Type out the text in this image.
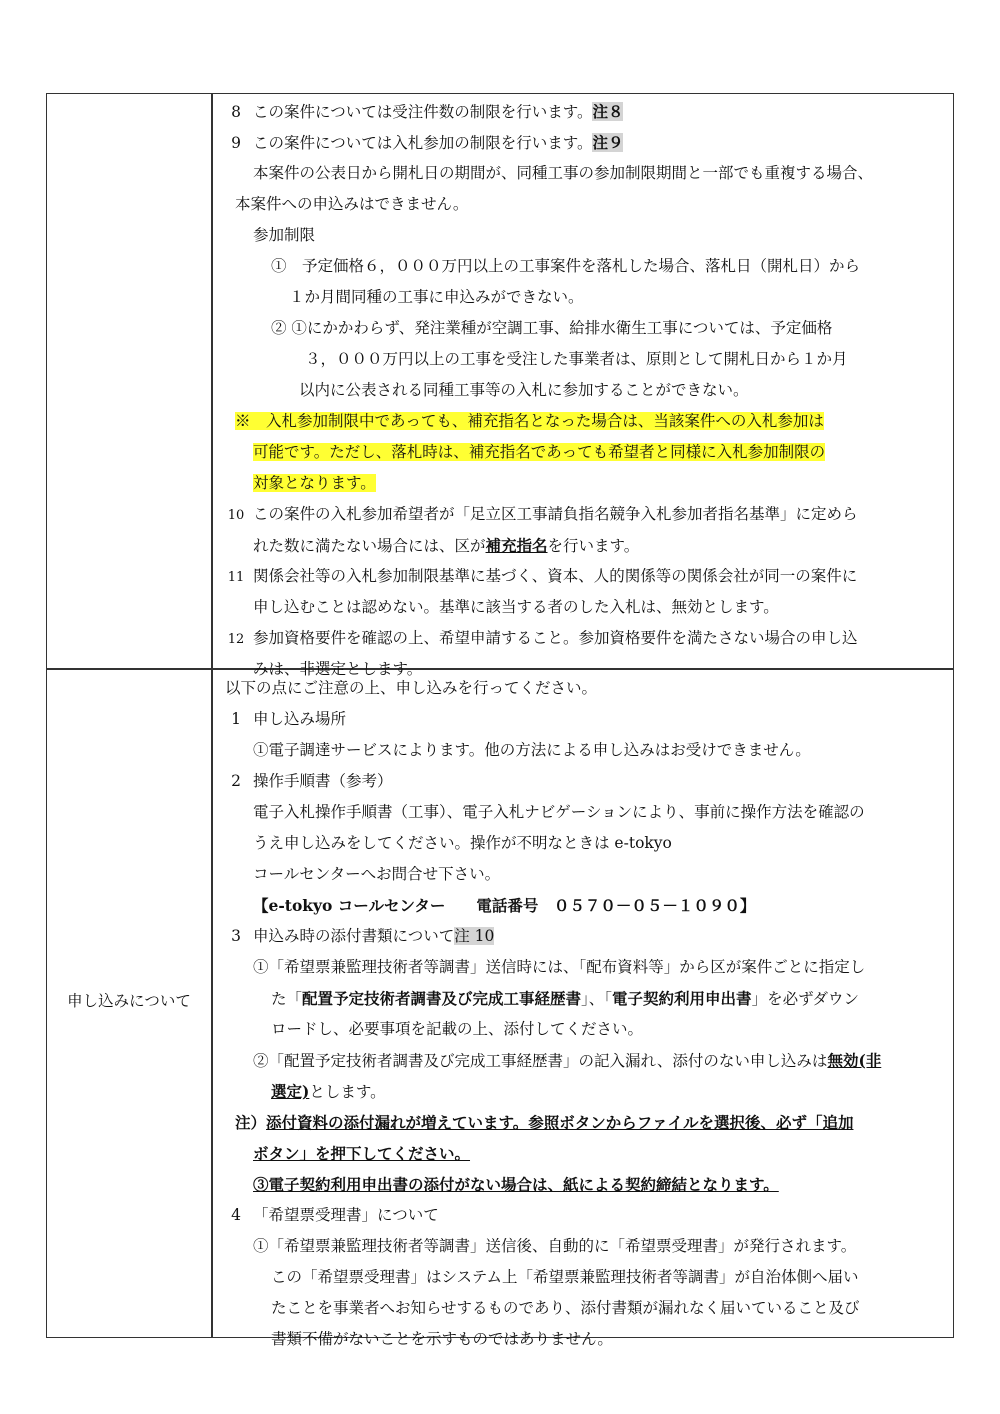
8 この案件については受注件数の制限を行います。注８
9 この案件については入札参加の制限を行います。注９
本案件の公表日から開札日の期間が、同種工事の参加制限期間と一部でも重複する場合、
本案件への申込みはできません。
参加制限
①　予定価格６，０００万円以上の工事案件を落札した場合、落札日（開札日）から
１か月間同種の工事に申込みができない。
② ①にかかわらず、発注業種が空調工事、給排水衛生工事については、予定価格
３，０００万円以上の工事を受注した事業者は、原則として開札日から１か月
以内に公表される同種工事等の入札に参加することができない。
※　入札参加制限中であっても、補充指名となった場合は、当該案件への入札参加は
可能です。ただし、落札時は、補充指名であっても希望者と同様に入札参加制限の
対象となります。
10 この案件の入札参加希望者が「足立区工事請負指名競争入札参加者指名基準」に定めら
れた数に満たない場合には、区が補充指名を行います。
11 関係会社等の入札参加制限基準に基づく、資本、人的関係等の関係会社が同一の案件に
申し込むことは認めない。基準に該当する者のした入札は、無効とします。
12 参加資格要件を確認の上、希望申請すること。参加資格要件を満たさない場合の申し込
みは、非選定とします。
申し込みについて
以下の点にご注意の上、申し込みを行ってください。
1 申し込み場所
①電子調達サービスによります。他の方法による申し込みはお受けできません。
2 操作手順書（参考）
電子入札操作手順書（工事）、電子入札ナビゲーションにより、事前に操作方法を確認の
うえ申し込みをしてください。操作が不明なときは e-tokyo
コールセンターへお問合せ下さい。
【e-tokyo コールセンター　　電話番号　０５７０－０５－１０９０】
3 申込み時の添付書類について注 10
①「希望票兼監理技術者等調書」送信時には、「配布資料等」から区が案件ごとに指定し
た「配置予定技術者調書及び完成工事経歴書」、「電子契約利用申出書」を必ずダウン
ロードし、必要事項を記載の上、添付してください。
②「配置予定技術者調書及び完成工事経歴書」の記入漏れ、添付のない申し込みは無効(非
選定)とします。
注）添付資料の添付漏れが増えています。参照ボタンからファイルを選択後、必ず「追加
ボタン」を押下してください。
③電子契約利用申出書の添付がない場合は、紙による契約締結となります。
4 「希望票受理書」について
①「希望票兼監理技術者等調書」送信後、自動的に「希望票受理書」が発行されます。
この「希望票受理書」はシステム上「希望票兼監理技術者等調書」が自治体側へ届い
たことを事業者へお知らせするものであり、添付書類が漏れなく届いていること及び
書類不備がないことを示すものではありません。
